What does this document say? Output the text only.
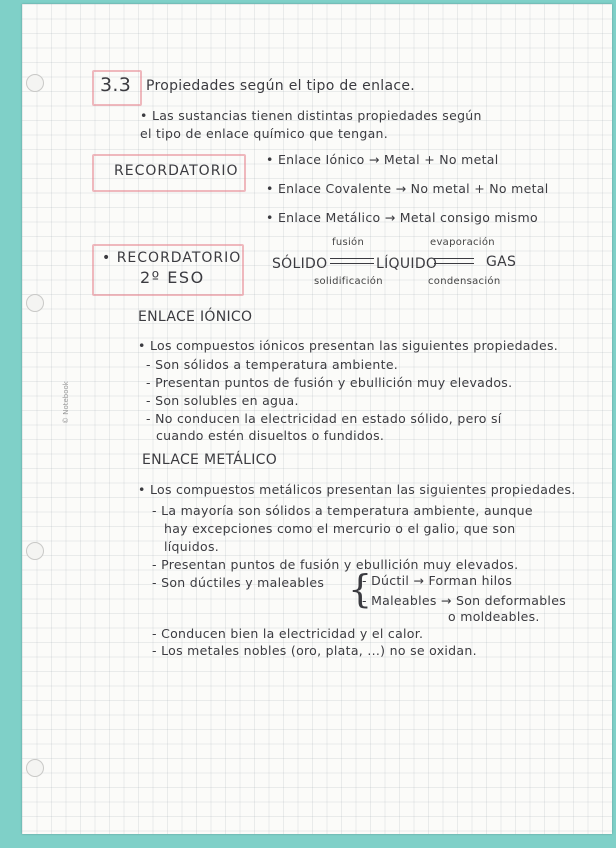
© Notebook
3.3 Propiedades según el tipo de enlace.
• Las sustancias tienen distintas propiedades según
el tipo de enlace químico que tengan.
RECORDATORIO
• Enlace Iónico → Metal + No metal
• Enlace Covalente → No metal + No metal
• Enlace Metálico → Metal consigo mismo
• RECORDATORIO
2º ESO
SÓLIDO
fusión
solidificación
LÍQUIDO
evaporación
condensación
GAS
ENLACE IÓNICO
• Los compuestos iónicos presentan las siguientes propiedades.
- Son sólidos a temperatura ambiente.
- Presentan puntos de fusión y ebullición muy elevados.
- Son solubles en agua.
- No conducen la electricidad en estado sólido, pero sí
cuando estén disueltos o fundidos.
ENLACE METÁLICO
• Los compuestos metálicos presentan las siguientes propiedades.
- La mayoría son sólidos a temperatura ambiente, aunque
hay excepciones como el mercurio o el galio, que son
líquidos.
- Presentan puntos de fusión y ebullición muy elevados.
- Son dúctiles y maleables {
- Dúctil → Forman hilos
- Maleables → Son deformables
o moldeables.
- Conducen bien la electricidad y el calor.
- Los metales nobles (oro, plata, ...) no se oxidan.
